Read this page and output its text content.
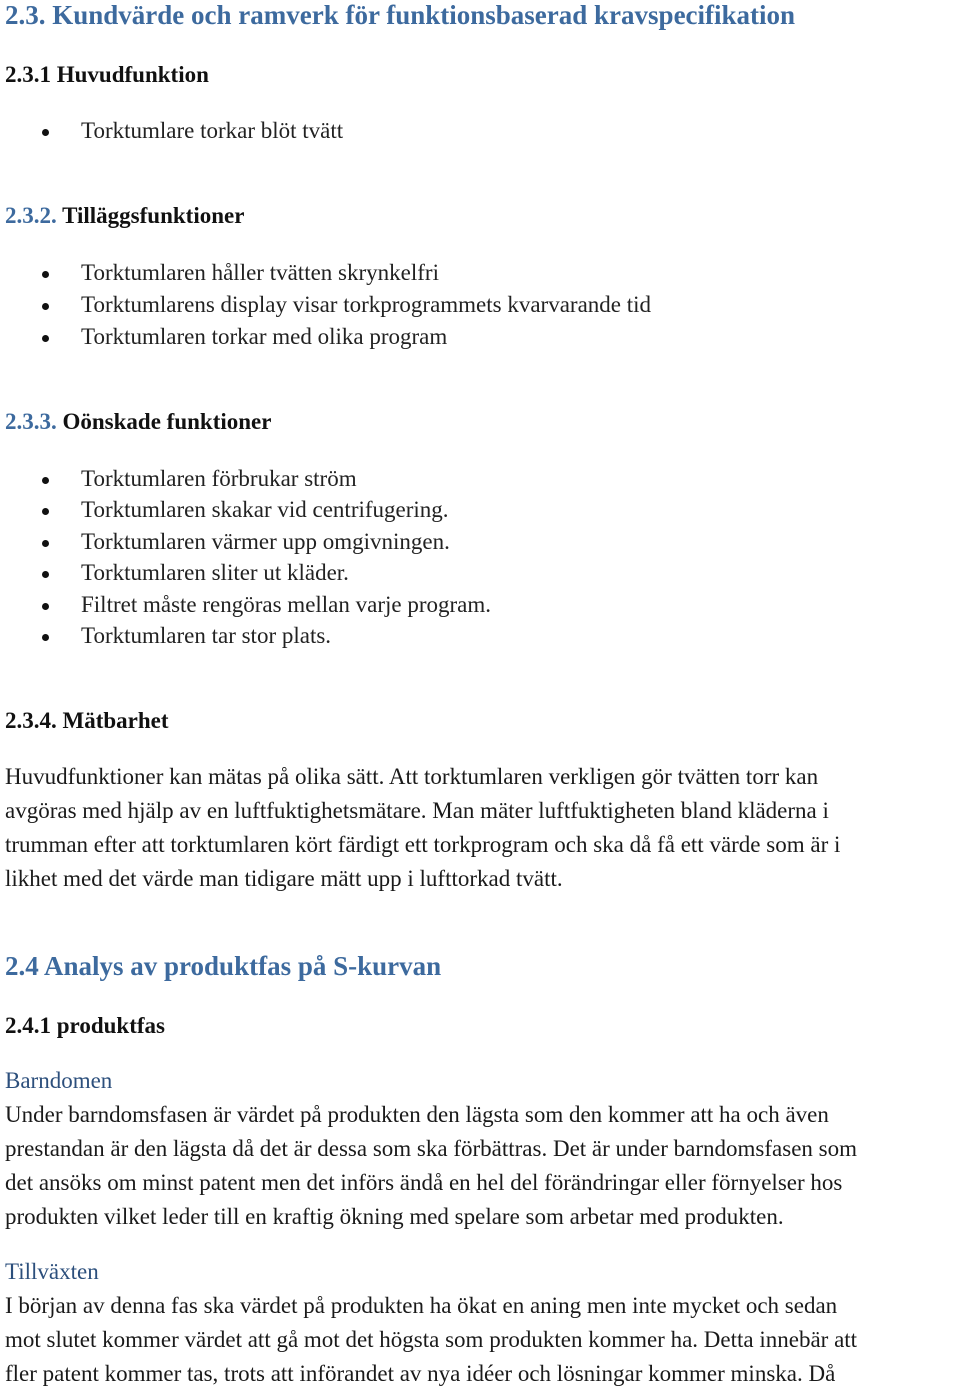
2.3. Kundvärde och ramverk för funktionsbaserad kravspecifikation
2.3.1 Huvudfunktion
Torktumlare torkar blöt tvätt
2.3.2. Tilläggsfunktioner
Torktumlaren håller tvätten skrynkelfri
Torktumlarens display visar torkprogrammets kvarvarande tid
Torktumlaren torkar med olika program
2.3.3. Oönskade funktioner
Torktumlaren förbrukar ström
Torktumlaren skakar vid centrifugering.
Torktumlaren värmer upp omgivningen.
Torktumlaren sliter ut kläder.
Filtret måste rengöras mellan varje program.
Torktumlaren tar stor plats.
2.3.4. Mätbarhet
Huvudfunktioner kan mätas på olika sätt. Att torktumlaren verkligen gör tvätten torr kan
avgöras med hjälp av en luftfuktighetsmätare. Man mäter luftfuktigheten bland kläderna i
trumman efter att torktumlaren kört färdigt ett torkprogram och ska då få ett värde som är i
likhet med det värde man tidigare mätt upp i lufttorkad tvätt.
2.4 Analys av produktfas på S-kurvan
2.4.1 produktfas
Barndomen
Under barndomsfasen är värdet på produkten den lägsta som den kommer att ha och även
prestandan är den lägsta då det är dessa som ska förbättras. Det är under barndomsfasen som
det ansöks om minst patent men det införs ändå en hel del förändringar eller förnyelser hos
produkten vilket leder till en kraftig ökning med spelare som arbetar med produkten.
Tillväxten
I början av denna fas ska värdet på produkten ha ökat en aning men inte mycket och sedan
mot slutet kommer värdet att gå mot det högsta som produkten kommer ha. Detta innebär att
fler patent kommer tas, trots att införandet av nya idéer och lösningar kommer minska. Då
